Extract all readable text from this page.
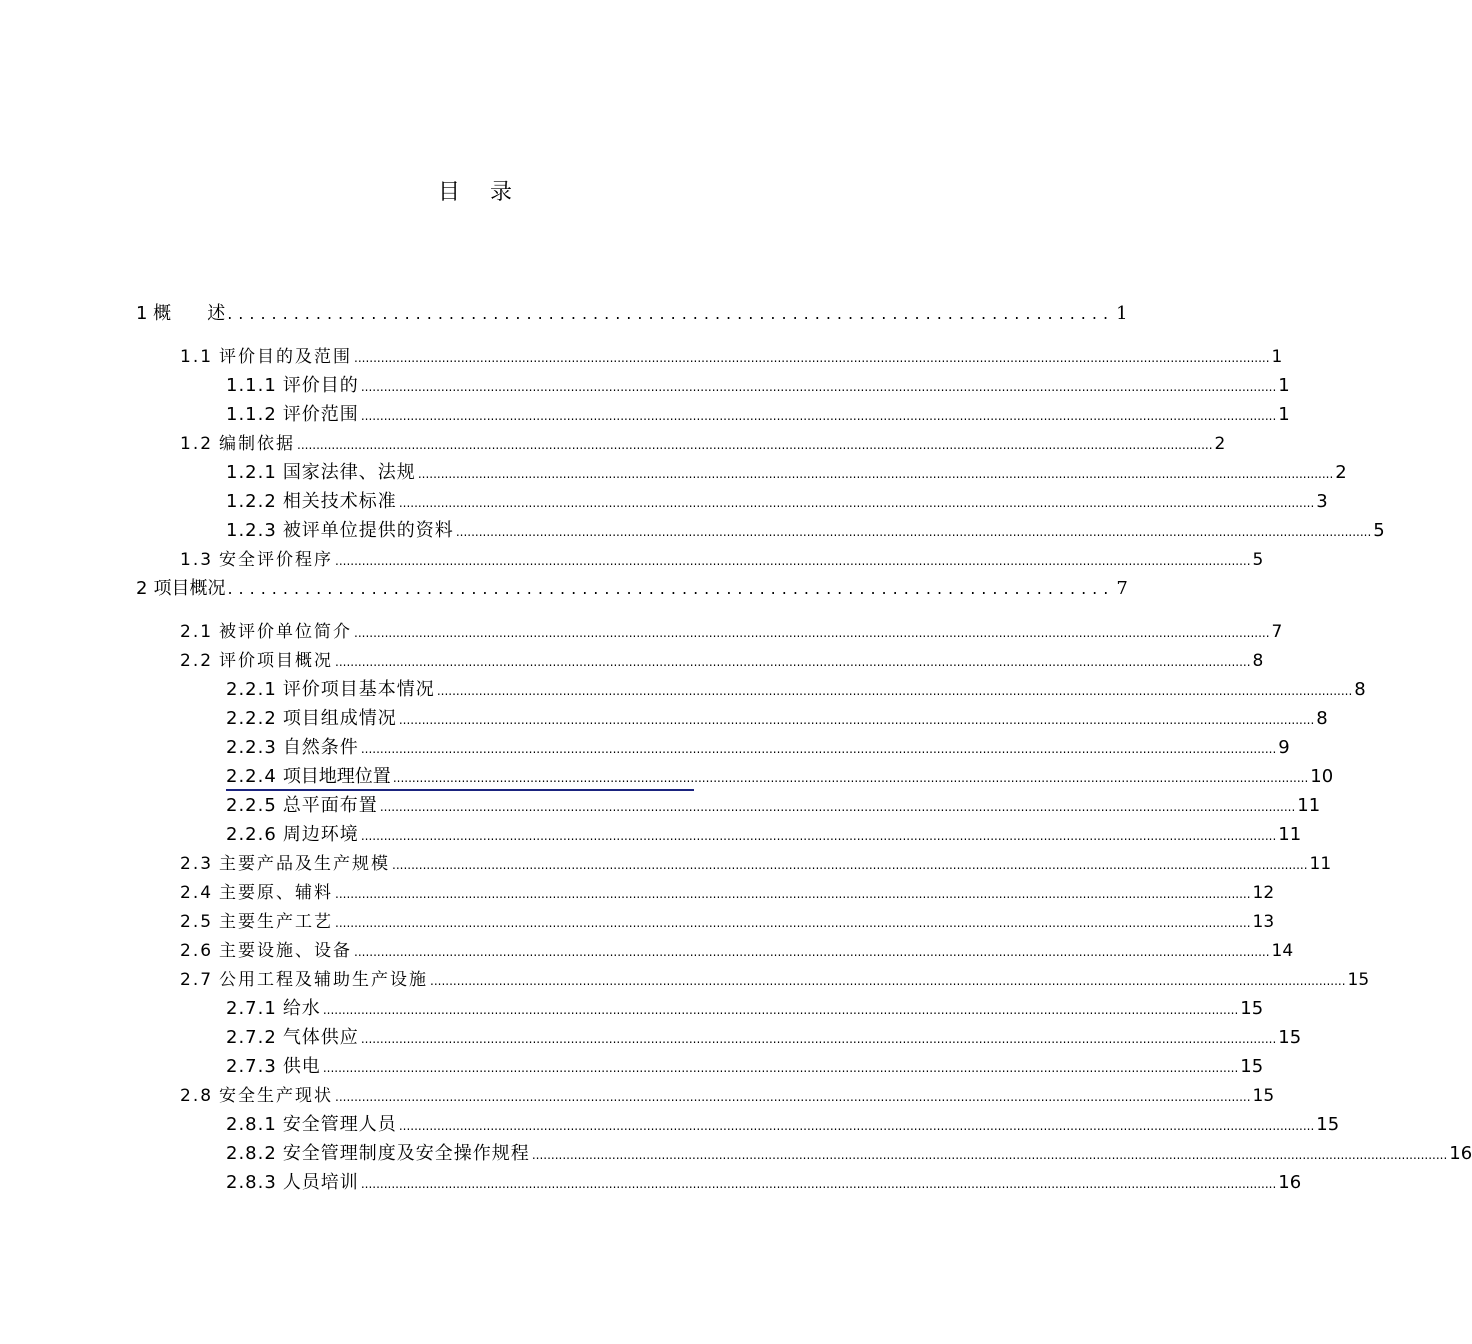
目 录
1 概 述 ................................................................................ 1
1.1 评价目的及范围 ................................................................................................................................................................................................................................................ 1
1.1.1 评价目的 ................................................................................................................................................................................................................................................ 1
1.1.2 评价范围 ................................................................................................................................................................................................................................................ 1
1.2 编制依据 ................................................................................................................................................................................................................................................ 2
1.2.1 国家法律、法规 ................................................................................................................................................................................................................................................ 2
1.2.2 相关技术标准 ................................................................................................................................................................................................................................................ 3
1.2.3 被评单位提供的资料 ................................................................................................................................................................................................................................................ 5
1.3 安全评价程序 ................................................................................................................................................................................................................................................ 5
2 项目概况 ................................................................................ 7
2.1 被评价单位简介 ................................................................................................................................................................................................................................................ 7
2.2 评价项目概况 ................................................................................................................................................................................................................................................ 8
2.2.1 评价项目基本情况 ................................................................................................................................................................................................................................................ 8
2.2.2 项目组成情况 ................................................................................................................................................................................................................................................ 8
2.2.3 自然条件 ................................................................................................................................................................................................................................................ 9
2.2.4 项目地理位置 ................................................................................................................................................................................................................................................ 10
2.2.5 总平面布置 ................................................................................................................................................................................................................................................ 11
2.2.6 周边环境 ................................................................................................................................................................................................................................................ 11
2.3 主要产品及生产规模 ................................................................................................................................................................................................................................................ 11
2.4 主要原、辅料 ................................................................................................................................................................................................................................................ 12
2.5 主要生产工艺 ................................................................................................................................................................................................................................................ 13
2.6 主要设施、设备 ................................................................................................................................................................................................................................................ 14
2.7 公用工程及辅助生产设施 ................................................................................................................................................................................................................................................ 15
2.7.1 给水 ................................................................................................................................................................................................................................................ 15
2.7.2 气体供应 ................................................................................................................................................................................................................................................ 15
2.7.3 供电 ................................................................................................................................................................................................................................................ 15
2.8 安全生产现状 ................................................................................................................................................................................................................................................ 15
2.8.1 安全管理人员 ................................................................................................................................................................................................................................................ 15
2.8.2 安全管理制度及安全操作规程 ................................................................................................................................................................................................................................................ 16
2.8.3 人员培训 ................................................................................................................................................................................................................................................ 16
